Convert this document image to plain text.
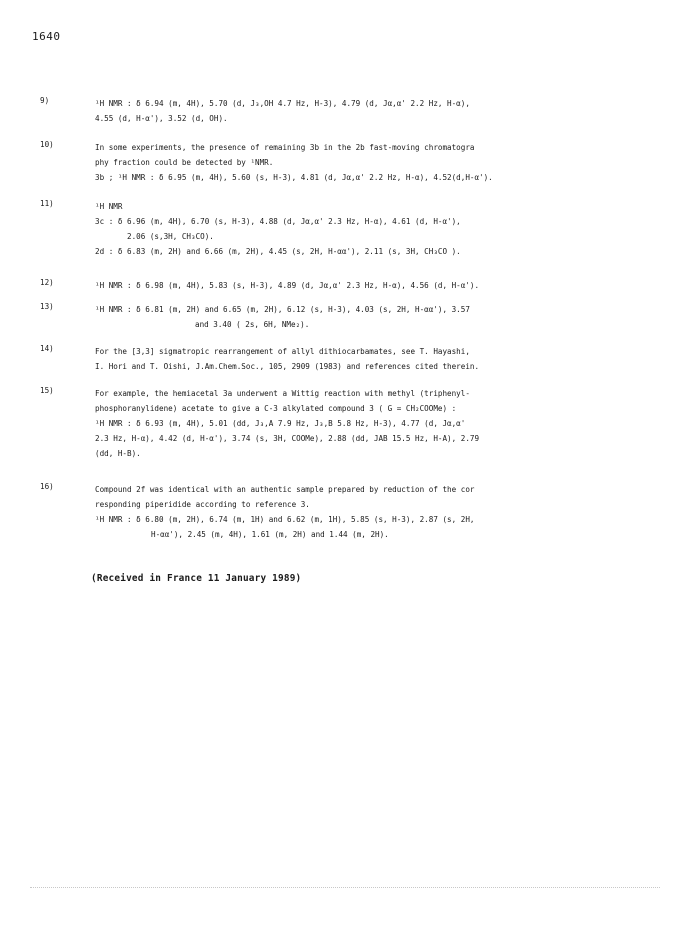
1640
9)	¹H NMR : δ 6.94 (m, 4H), 5.70 (d, J₃,OH 4.7 Hz, H-3), 4.79 (d, Jα,α' 2.2 Hz, H-α),
4.55 (d, H-α'), 3.52 (d, OH).
10)	In some experiments, the presence of remaining 3b in the 2b fast-moving chromatogra
phy fraction could be detected by ¹NMR.
3b ; ¹H NMR : δ 6.95 (m, 4H), 5.60 (s, H-3), 4.81 (d, Jα,α' 2.2 Hz, H-α), 4.52(d,H-α').
11)	¹H NMR
3c : δ 6.96 (m, 4H), 6.70 (s, H-3), 4.88 (d, Jα,α' 2.3 Hz, H-α), 4.61 (d, H-α'),
2.06 (s,3H, CH₃CO).
2d : δ 6.83 (m, 2H) and 6.66 (m, 2H), 4.45 (s, 2H, H-αα'), 2.11 (s, 3H, CH₃CO ).
12)	¹H NMR : δ 6.98 (m, 4H), 5.83 (s, H-3), 4.89 (d, Jα,α' 2.3 Hz, H-α), 4.56 (d, H-α').
13)	¹H NMR : δ 6.81 (m, 2H) and 6.65 (m, 2H), 6.12 (s, H-3), 4.03 (s, 2H, H-αα'), 3.57
and 3.40 ( 2s, 6H, NMe₂).
14)	For the [3,3] sigmatropic rearrangement of allyl dithiocarbamates, see T. Hayashi,
I. Hori and T. Oishi, J.Am.Chem.Soc., 105, 2909 (1983) and references cited therein.
15)	For example, the hemiacetal 3a underwent a Wittig reaction with methyl (triphenyl-
phosphoranylidene) acetate to give a C-3 alkylated compound 3 ( G = CH₂COOMe) :
¹H NMR : δ 6.93 (m, 4H), 5.01 (dd, J₃,A 7.9 Hz, J₃,B 5.8 Hz, H-3), 4.77 (d, Jα,α'
2.3 Hz, H-α), 4.42 (d, H-α'), 3.74 (s, 3H, COOMe), 2.88 (dd, JAB 15.5 Hz, H-A), 2.79
(dd, H-B).
16)	Compound 2f was identical with an authentic sample prepared by reduction of the cor
responding piperidide according to reference 3.
¹H NMR : δ 6.80 (m, 2H), 6.74 (m, 1H) and 6.62 (m, 1H), 5.85 (s, H-3), 2.87 (s, 2H,
H-αα'), 2.45 (m, 4H), 1.61 (m, 2H) and 1.44 (m, 2H).
(Received in France 11 January 1989)
